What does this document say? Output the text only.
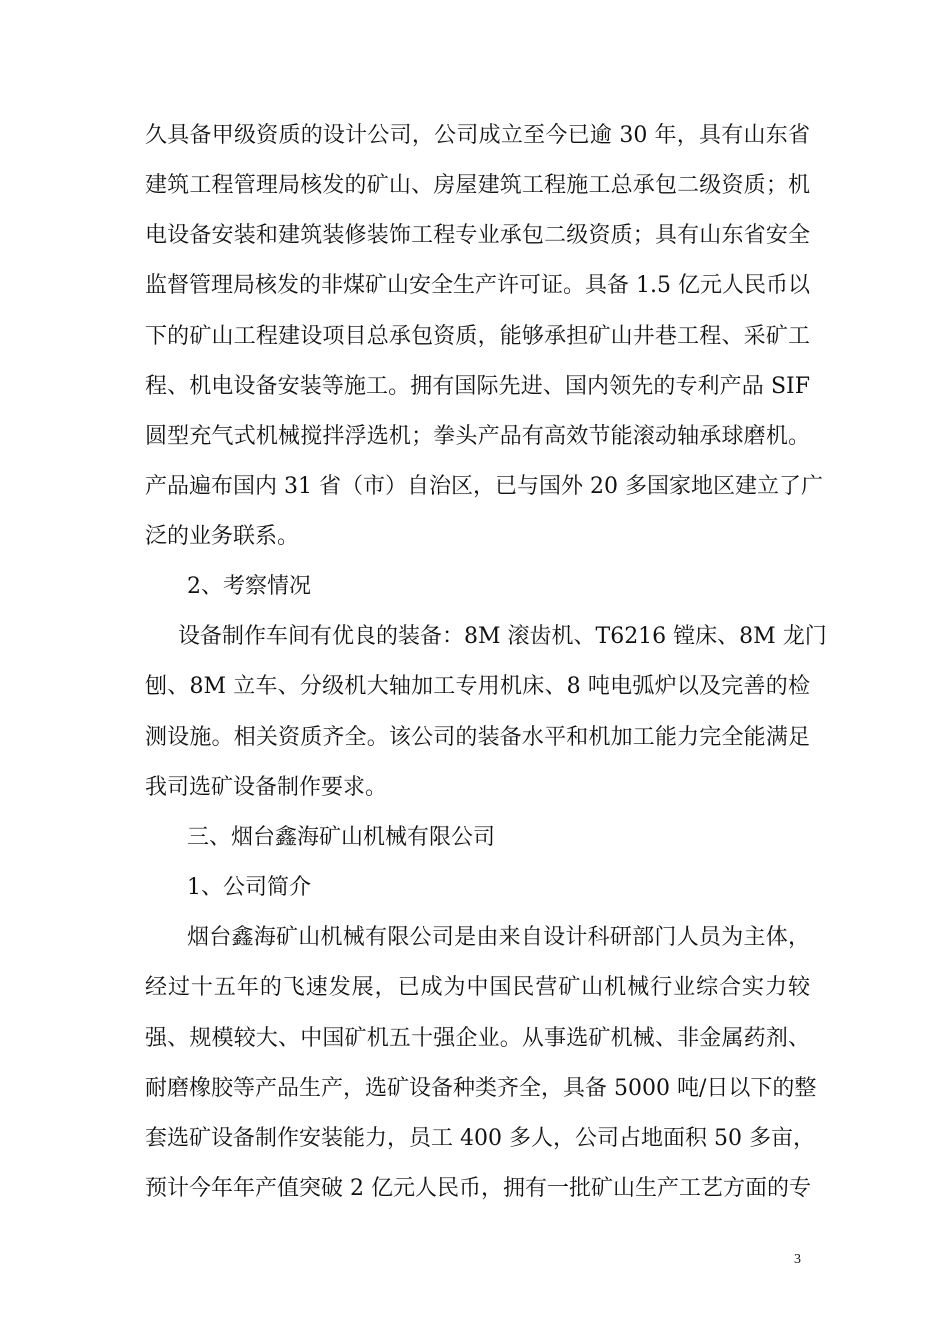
久具备甲级资质的设计公司，公司成立至今已逾 30 年，具有山东省
建筑工程管理局核发的矿山、房屋建筑工程施工总承包二级资质；机
电设备安装和建筑装修装饰工程专业承包二级资质；具有山东省安全
监督管理局核发的非煤矿山安全生产许可证。具备 1.5 亿元人民币以
下的矿山工程建设项目总承包资质，能够承担矿山井巷工程、采矿工
程、机电设备安装等施工。拥有国际先进、国内领先的专利产品 SIF
圆型充气式机械搅拌浮选机；拳头产品有高效节能滚动轴承球磨机。
产品遍布国内 31 省（市）自治区，已与国外 20 多国家地区建立了广
泛的业务联系。
2、考察情况
设备制作车间有优良的装备：8M 滚齿机、T6216 镗床、8M 龙门
刨、8M 立车、分级机大轴加工专用机床、8 吨电弧炉以及完善的检
测设施。相关资质齐全。该公司的装备水平和机加工能力完全能满足
我司选矿设备制作要求。
三、烟台鑫海矿山机械有限公司
1、公司简介
烟台鑫海矿山机械有限公司是由来自设计科研部门人员为主体，
经过十五年的飞速发展，已成为中国民营矿山机械行业综合实力较
强、规模较大、中国矿机五十强企业。从事选矿机械、非金属药剂、
耐磨橡胶等产品生产，选矿设备种类齐全，具备 5000 吨/日以下的整
套选矿设备制作安装能力，员工 400 多人，公司占地面积 50 多亩，
预计今年年产值突破 2 亿元人民币，拥有一批矿山生产工艺方面的专
3
